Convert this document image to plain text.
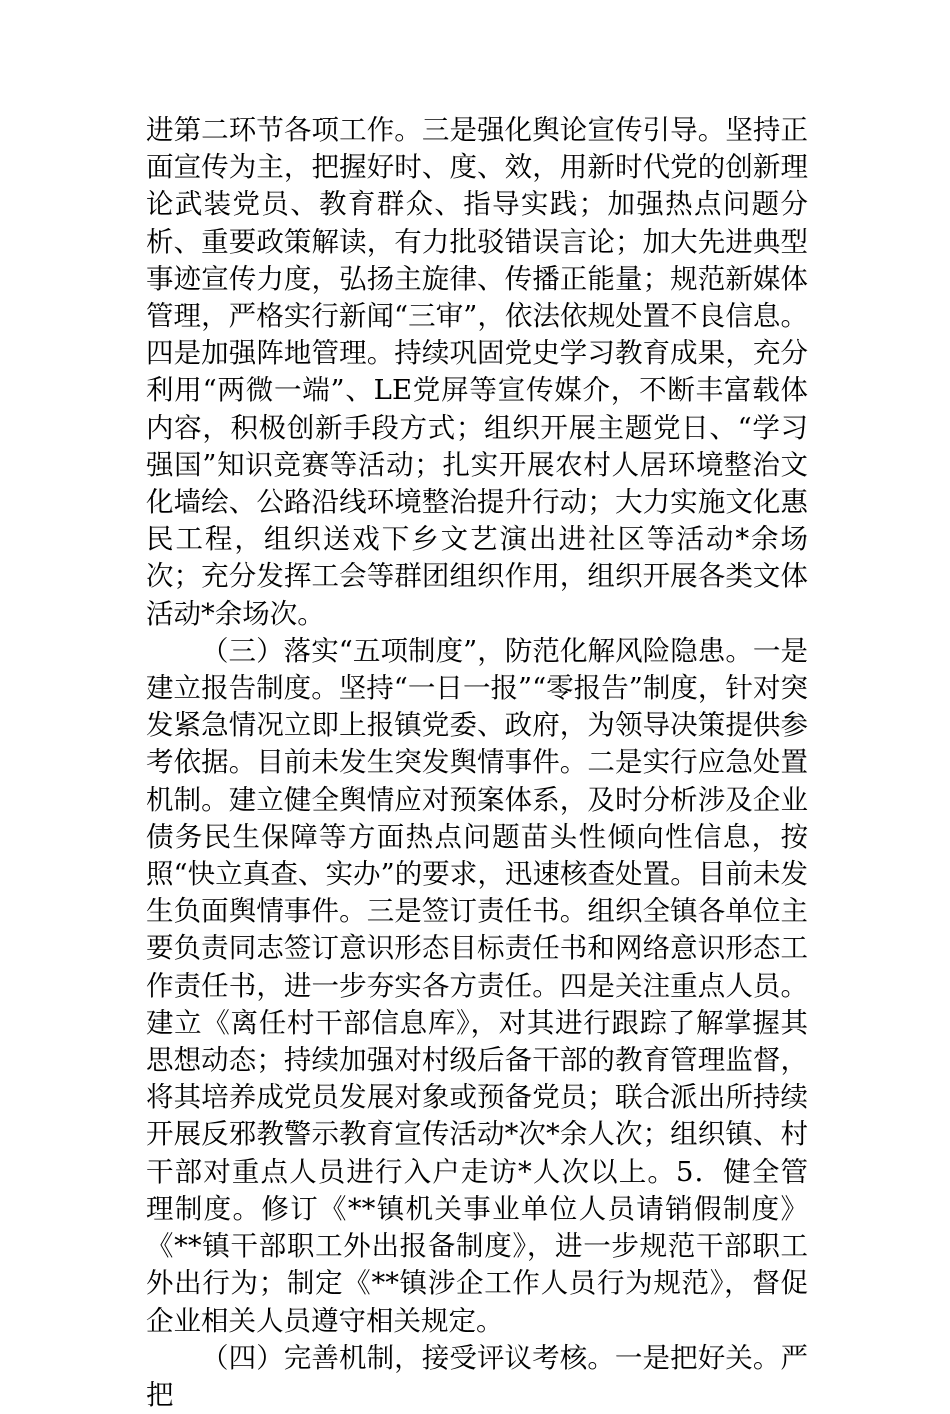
进第二环节各项工作。三是强化舆论宣传引导。坚持正面宣传为主，把握好时、度、效，用新时代党的创新理论武装党员、教育群众、指导实践；加强热点问题分析、重要政策解读，有力批驳错误言论；加大先进典型事迹宣传力度，弘扬主旋律、传播正能量；规范新媒体管理，严格实行新闻“三审”，依法依规处置不良信息。四是加强阵地管理。持续巩固党史学习教育成果，充分利用“两微一端”、LE党屏等宣传媒介，不断丰富载体内容，积极创新手段方式；组织开展主题党日、“学习强国”知识竞赛等活动；扎实开展农村人居环境整治文化墙绘、公路沿线环境整治提升行动；大力实施文化惠民工程，组织送戏下乡文艺演出进社区等活动*余场次；充分发挥工会等群团组织作用，组织开展各类文体活动*余场次。

（三）落实“五项制度”，防范化解风险隐患。一是建立报告制度。坚持“一日一报”“零报告”制度，针对突发紧急情况立即上报镇党委、政府，为领导决策提供参考依据。目前未发生突发舆情事件。二是实行应急处置机制。建立健全舆情应对预案体系，及时分析涉及企业债务民生保障等方面热点问题苗头性倾向性信息，按照“快立真查、实办”的要求，迅速核查处置。目前未发生负面舆情事件。三是签订责任书。组织全镇各单位主要负责同志签订意识形态目标责任书和网络意识形态工作责任书，进一步夯实各方责任。四是关注重点人员。建立《离任村干部信息库》，对其进行跟踪了解掌握其思想动态；持续加强对村级后备干部的教育管理监督，将其培养成党员发展对象或预备党员；联合派出所持续开展反邪教警示教育宣传活动*次*余人次；组织镇、村干部对重点人员进行入户走访*人次以上。5．健全管理制度。修订《**镇机关事业单位人员请销假制度》《**镇干部职工外出报备制度》，进一步规范干部职工外出行为；制定《**镇涉企工作人员行为规范》，督促企业相关人员遵守相关规定。

（四）完善机制，接受评议考核。一是把好关。严把
